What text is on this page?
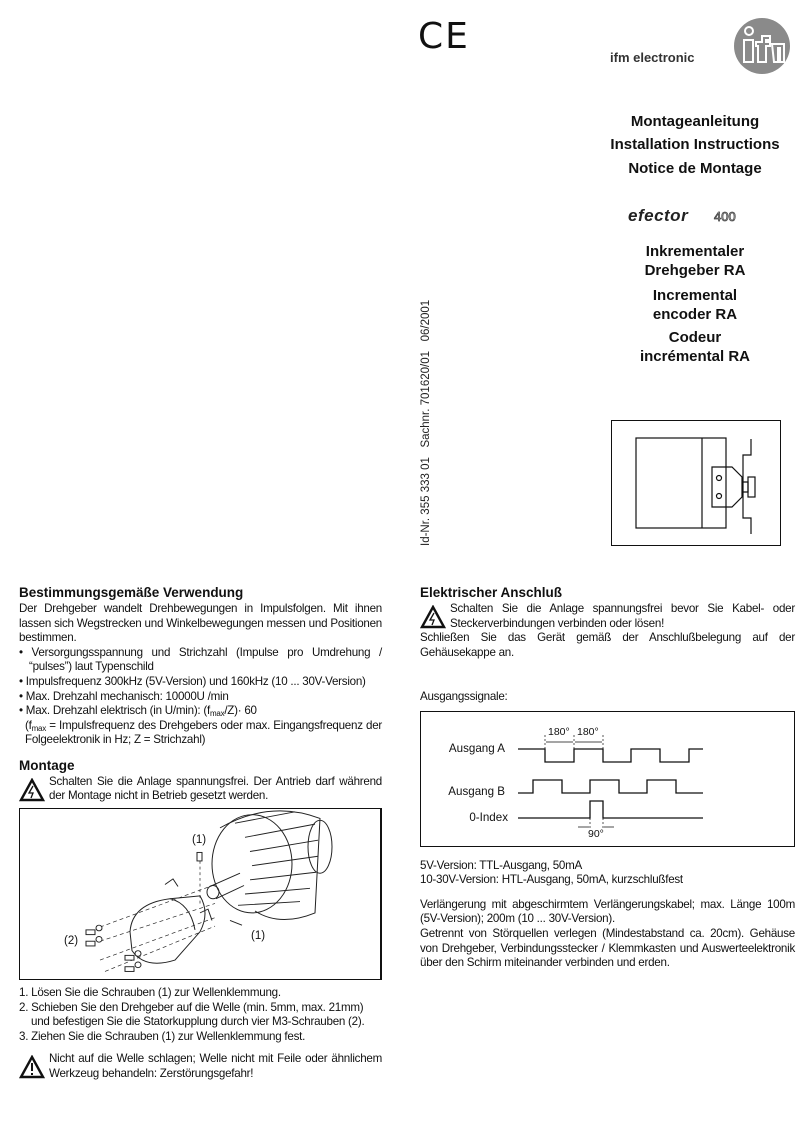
CE
ifm electronic
Montageanleitung
Installation Instructions
Notice de Montage
efector 400
Inkrementaler
Drehgeber RA
Incremental
encoder RA
Codeur
incrémental RA
Id-Nr. 355 333 01   Sachnr. 701620/01   06/2001
Bestimmungsgemäße Verwendung

Der Drehgeber wandelt Drehbewegungen in Impulsfolgen. Mit ihnen lassen sich Wegstrecken und Winkelbewegungen messen und Positionen bestimmen.

• Versorgungsspannung und Strichzahl (Impulse pro Umdrehung / “pulses”) laut Typenschild

• Impulsfrequenz 300kHz (5V-Version) und 160kHz (10 ... 30V-Version)

• Max. Drehzahl mechanisch: 10000U /min

• Max. Drehzahl elektrisch (in U/min): $(f_{max}/Z)\cdot 60$

($f_{max}$ = Impulsfrequenz des Drehgebers oder max. Eingangsfrequenz der Folgeelektronik in Hz; Z = Strichzahl)

Montage
Schalten Sie die Anlage spannungsfrei. Der Antrieb darf während der Montage nicht in Betrieb gesetzt werden.
(1)
(2)	(1)

1. Lösen Sie die Schrauben (1) zur Wellenklemmung.

2. Schieben Sie den Drehgeber auf die Welle (min. 5mm, max. 21mm) und befestigen Sie die Statorkupplung durch vier M3-Schrauben (2).

3. Ziehen Sie die Schrauben (1) zur Wellenklemmung fest.

Nicht auf die Welle schlagen; Welle nicht mit Feile oder ähnlichem Werkzeug behandeln: Zerstörungsgefahr!
Elektrischer Anschluß
Schalten Sie die Anlage spannungsfrei bevor Sie Kabel- oder Steckerverbindungen verbinden oder lösen!
Schließen Sie das Gerät gemäß der Anschlußbelegung auf der Gehäusekappe an.
Ausgangssignale:
Ausgang A
Ausgang B
0-Index
180° 180°
90°

5V-Version: TTL-Ausgang, 50mA

10-30V-Version: HTL-Ausgang, 50mA, kurzschlußfest

Verlängerung mit abgeschirmtem Verlängerungskabel; max. Länge 100m (5V-Version); 200m (10 ... 30V-Version).

Getrennt von Störquellen verlegen (Mindestabstand ca. 20cm). Gehäuse von Drehgeber, Verbindungsstecker / Klemmkasten und Auswerteelektronik über den Schirm miteinander verbinden und erden.
